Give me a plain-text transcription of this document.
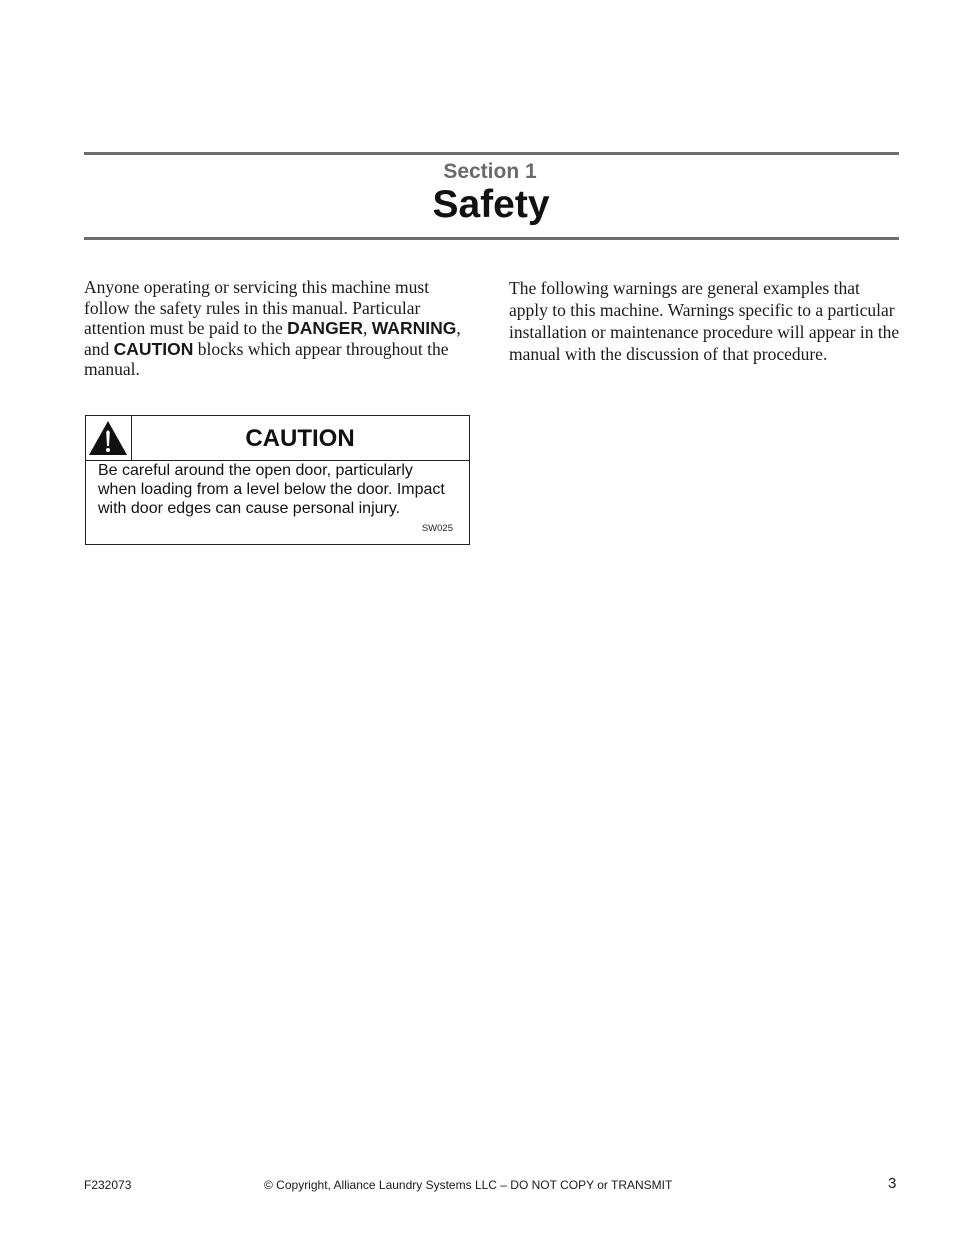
Section 1
Safety

Anyone operating or servicing this machine must follow the safety rules in this manual. Particular attention must be paid to the DANGER, WARNING, and CAUTION blocks which appear throughout the manual.

The following warnings are general examples that apply to this machine. Warnings specific to a particular installation or maintenance procedure will appear in the manual with the discussion of that procedure.

CAUTION
Be careful around the open door, particularly when loading from a level below the door. Impact with door edges can cause personal injury.
SW025
F232073	© Copyright, Alliance Laundry Systems LLC – DO NOT COPY or TRANSMIT	3
